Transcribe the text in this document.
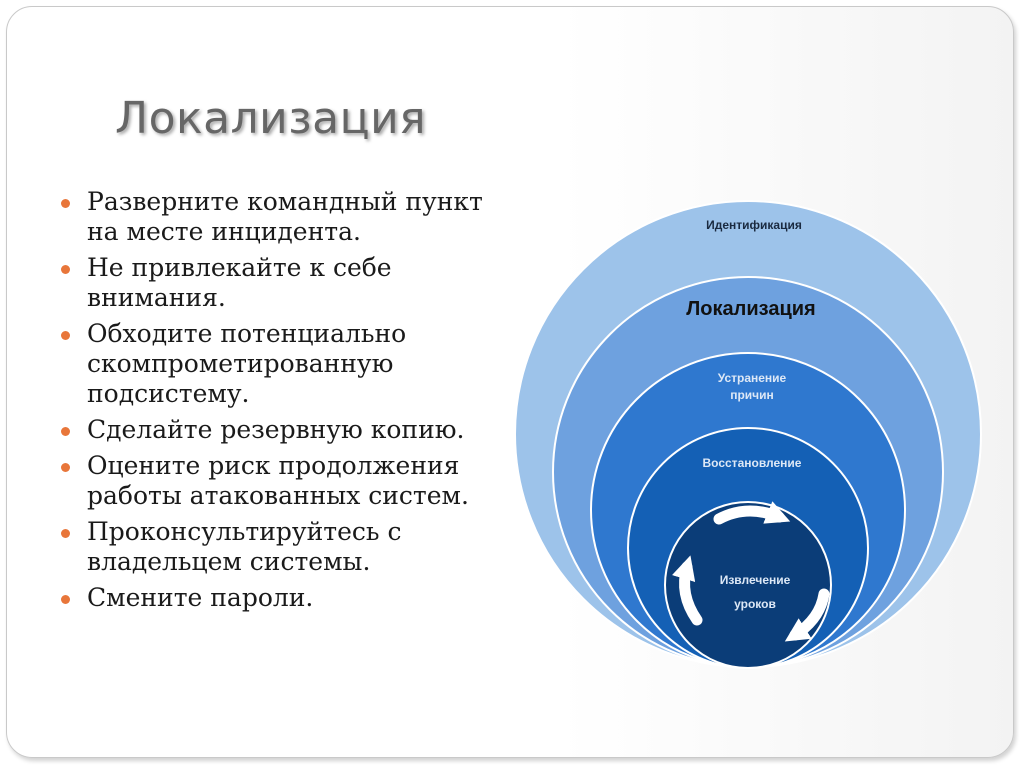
Локализация
Разверните командный пункт на месте инцидента.
Не привлекайте к себе внимания.
Обходите потенциально скомпрометированную подсистему.
Сделайте резервную копию.
Оцените риск продолжения работы атакованных систем.
Проконсультируйтесь с владельцем системы.
Смените пароли.
Идентификация
Локализация
Устранение причин
Восстановление
Извлечение уроков
